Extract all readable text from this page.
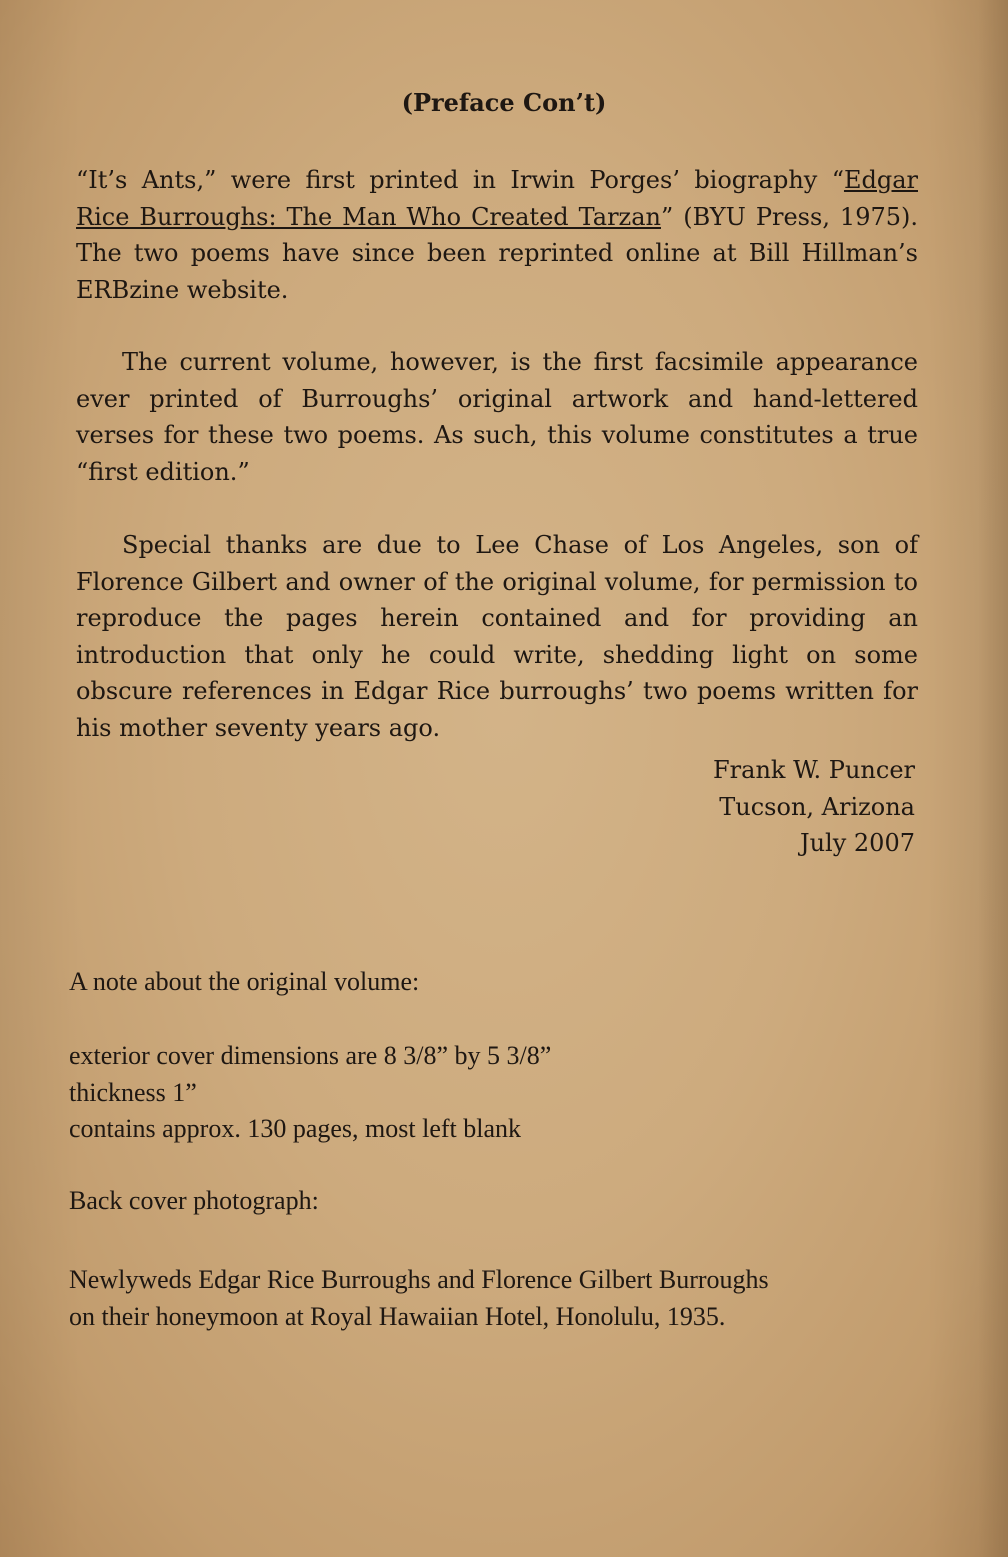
(Preface Con’t)

“It’s Ants,” were first printed in Irwin Porges’ biography “Edgar Rice Burroughs: The Man Who Created Tarzan” (BYU Press, 1975). The two poems have since been reprinted online at Bill Hillman’s ERBzine website.

The current volume, however, is the first facsimile appearance ever printed of Burroughs’ original artwork and hand-lettered verses for these two poems. As such, this volume constitutes a true “first edition.”

Special thanks are due to Lee Chase of Los Angeles, son of Florence Gilbert and owner of the original volume, for permission to reproduce the pages herein contained and for providing an introduction that only he could write, shedding light on some obscure references in Edgar Rice burroughs’ two poems written for his mother seventy years ago.

Frank W. Puncer
Tucson, Arizona
July 2007

A note about the original volume:

exterior cover dimensions are 8 3/8” by 5 3/8”
thickness 1”
contains approx. 130 pages, most left blank

Back cover photograph:

Newlyweds Edgar Rice Burroughs and Florence Gilbert Burroughs
on their honeymoon at Royal Hawaiian Hotel, Honolulu, 1935.
